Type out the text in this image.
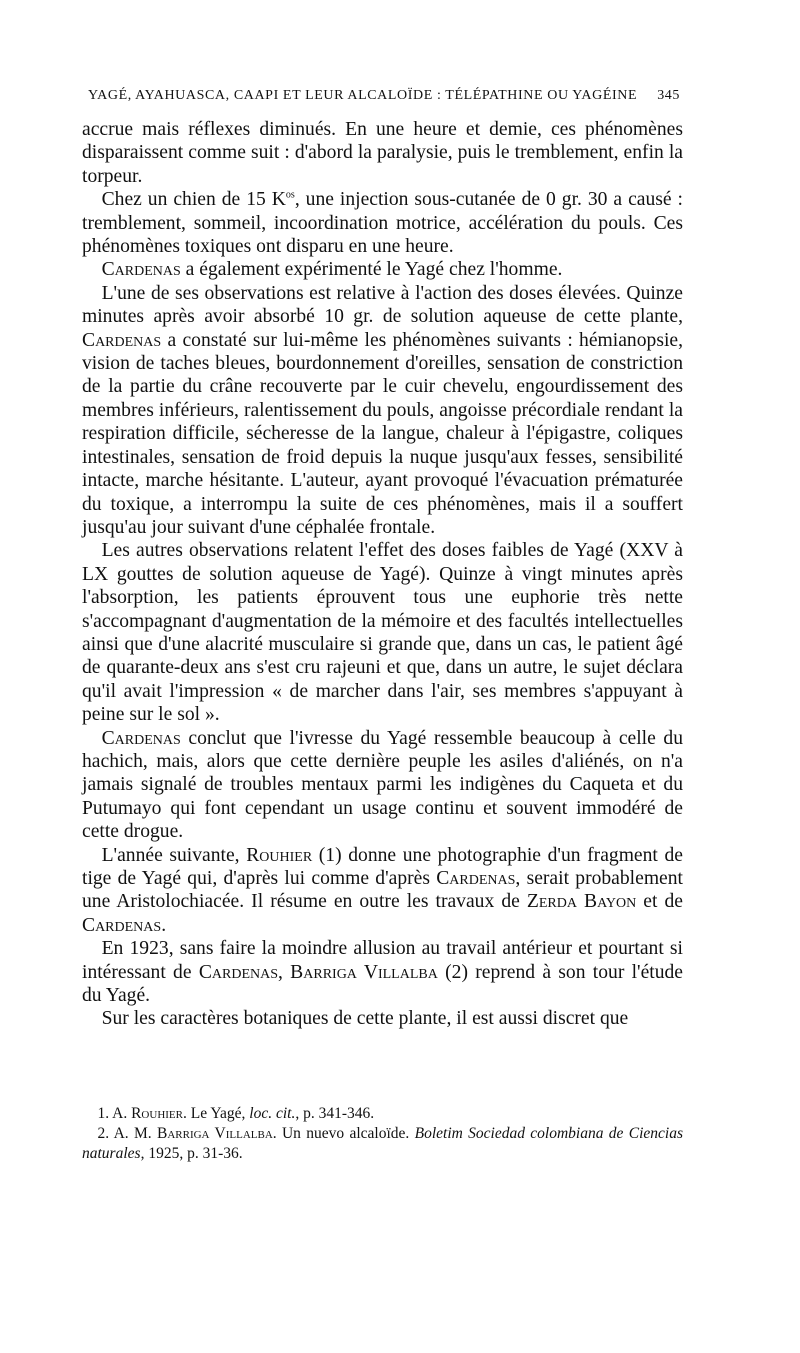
YAGÉ, AYAHUASCA, CAAPI ET LEUR ALCALOÏDE : TÉLÉPATHINE OU YAGÉINE 345

accrue mais réflexes diminués. En une heure et demie, ces phénomènes disparaissent comme suit : d'abord la paralysie, puis le tremblement, enfin la torpeur.

 Chez un chien de 15 $K^{os}$, une injection sous-cutanée de 0 gr. 30 a causé : tremblement, sommeil, incoordination motrice, accélération du pouls. Ces phénomènes toxiques ont disparu en une heure.

 Cardenas a également expérimenté le Yagé chez l'homme.

 L'une de ses observations est relative à l'action des doses élevées. Quinze minutes après avoir absorbé 10 gr. de solution aqueuse de cette plante, Cardenas a constaté sur lui-même les phénomènes suivants : hémianopsie, vision de taches bleues, bourdonnement d'oreilles, sensation de constriction de la partie du crâne recouverte par le cuir chevelu, engourdissement des membres inférieurs, ralentissement du pouls, angoisse précordiale rendant la respiration difficile, sécheresse de la langue, chaleur à l'épigastre, coliques intestinales, sensation de froid depuis la nuque jusqu'aux fesses, sensibilité intacte, marche hésitante. L'auteur, ayant provoqué l'évacuation prématurée du toxique, a interrompu la suite de ces phénomènes, mais il a souffert jusqu'au jour suivant d'une céphalée frontale.

 Les autres observations relatent l'effet des doses faibles de Yagé (XXV à LX gouttes de solution aqueuse de Yagé). Quinze à vingt minutes après l'absorption, les patients éprouvent tous une euphorie très nette s'accompagnant d'augmentation de la mémoire et des facultés intellectuelles ainsi que d'une alacrité musculaire si grande que, dans un cas, le patient âgé de quarante-deux ans s'est cru rajeuni et que, dans un autre, le sujet déclara qu'il avait l'impression « de marcher dans l'air, ses membres s'appuyant à peine sur le sol ».

 Cardenas conclut que l'ivresse du Yagé ressemble beaucoup à celle du hachich, mais, alors que cette dernière peuple les asiles d'aliénés, on n'a jamais signalé de troubles mentaux parmi les indigènes du Caqueta et du Putumayo qui font cependant un usage continu et souvent immodéré de cette drogue.

 L'année suivante, Rouhier (1) donne une photographie d'un fragment de tige de Yagé qui, d'après lui comme d'après Cardenas, serait probablement une Aristolochiacée. Il résume en outre les travaux de Zerda Bayon et de Cardenas.

 En 1923, sans faire la moindre allusion au travail antérieur et pourtant si intéressant de Cardenas, Barriga Villalba (2) reprend à son tour l'étude du Yagé.

 Sur les caractères botaniques de cette plante, il est aussi discret que

 1. A. Rouhier. Le Yagé, loc. cit., p. 341-346.

 2. A. M. Barriga Villalba. Un nuevo alcaloïde. Boletim Sociedad colombiana de Ciencias naturales, 1925, p. 31-36.
